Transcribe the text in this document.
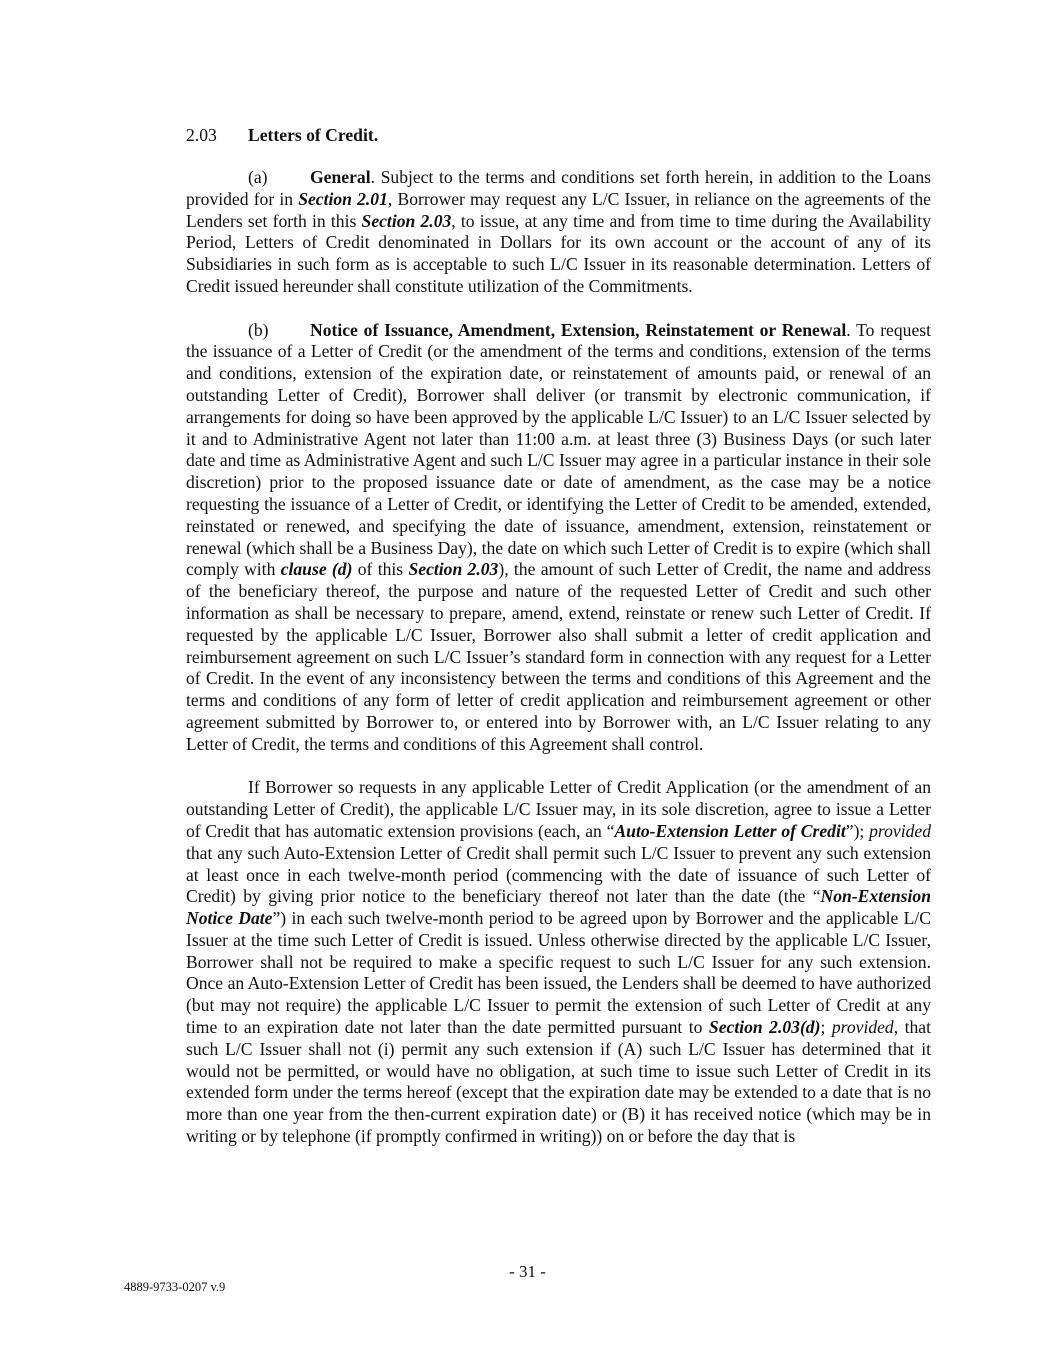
2.03 Letters of Credit.

(a) General. Subject to the terms and conditions set forth herein, in addition to the Loans provided for in Section 2.01, Borrower may request any L/C Issuer, in reliance on the agreements of the Lenders set forth in this Section 2.03, to issue, at any time and from time to time during the Availability Period, Letters of Credit denominated in Dollars for its own account or the account of any of its Subsidiaries in such form as is acceptable to such L/C Issuer in its reasonable determination. Letters of Credit issued hereunder shall constitute utilization of the Commitments.

(b) Notice of Issuance, Amendment, Extension, Reinstatement or Renewal. To request the issuance of a Letter of Credit (or the amendment of the terms and conditions, extension of the terms and conditions, extension of the expiration date, or reinstatement of amounts paid, or renewal of an outstanding Letter of Credit), Borrower shall deliver (or transmit by electronic communication, if arrangements for doing so have been approved by the applicable L/C Issuer) to an L/C Issuer selected by it and to Administrative Agent not later than 11:00 a.m. at least three (3) Business Days (or such later date and time as Administrative Agent and such L/C Issuer may agree in a particular instance in their sole discretion) prior to the proposed issuance date or date of amendment, as the case may be a notice requesting the issuance of a Letter of Credit, or identifying the Letter of Credit to be amended, extended, reinstated or renewed, and specifying the date of issuance, amendment, extension, reinstatement or renewal (which shall be a Business Day), the date on which such Letter of Credit is to expire (which shall comply with clause (d) of this Section 2.03), the amount of such Letter of Credit, the name and address of the beneficiary thereof, the purpose and nature of the requested Letter of Credit and such other information as shall be necessary to prepare, amend, extend, reinstate or renew such Letter of Credit. If requested by the applicable L/C Issuer, Borrower also shall submit a letter of credit application and reimbursement agreement on such L/C Issuer’s standard form in connection with any request for a Letter of Credit. In the event of any inconsistency between the terms and conditions of this Agreement and the terms and conditions of any form of letter of credit application and reimbursement agreement or other agreement submitted by Borrower to, or entered into by Borrower with, an L/C Issuer relating to any Letter of Credit, the terms and conditions of this Agreement shall control.

If Borrower so requests in any applicable Letter of Credit Application (or the amendment of an outstanding Letter of Credit), the applicable L/C Issuer may, in its sole discretion, agree to issue a Letter of Credit that has automatic extension provisions (each, an “Auto-Extension Letter of Credit”); provided that any such Auto-Extension Letter of Credit shall permit such L/C Issuer to prevent any such extension at least once in each twelve-month period (commencing with the date of issuance of such Letter of Credit) by giving prior notice to the beneficiary thereof not later than the date (the “Non-Extension Notice Date”) in each such twelve-month period to be agreed upon by Borrower and the applicable L/C Issuer at the time such Letter of Credit is issued. Unless otherwise directed by the applicable L/C Issuer, Borrower shall not be required to make a specific request to such L/C Issuer for any such extension. Once an Auto-Extension Letter of Credit has been issued, the Lenders shall be deemed to have authorized (but may not require) the applicable L/C Issuer to permit the extension of such Letter of Credit at any time to an expiration date not later than the date permitted pursuant to Section 2.03(d); provided, that such L/C Issuer shall not (i) permit any such extension if (A) such L/C Issuer has determined that it would not be permitted, or would have no obligation, at such time to issue such Letter of Credit in its extended form under the terms hereof (except that the expiration date may be extended to a date that is no more than one year from the then-current expiration date) or (B) it has received notice (which may be in writing or by telephone (if promptly confirmed in writing)) on or before the day that is

- 31 -
4889-9733-0207 v.9
